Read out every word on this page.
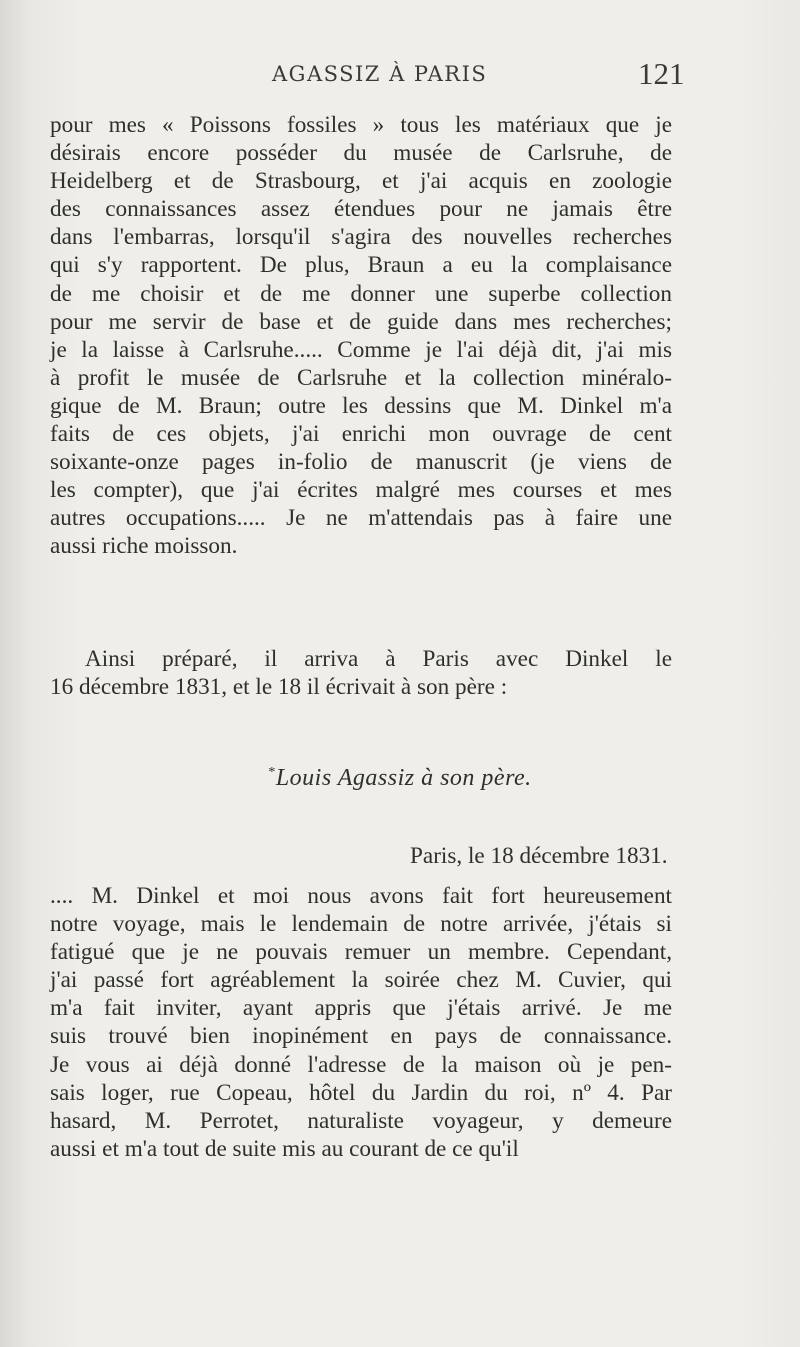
AGASSIZ À PARIS	121
pour mes « Poissons fossiles » tous les matériaux que je
désirais encore posséder du musée de Carlsruhe, de
Heidelberg et de Strasbourg, et j'ai acquis en zoologie
des connaissances assez étendues pour ne jamais être
dans l'embarras, lorsqu'il s'agira des nouvelles recherches
qui s'y rapportent. De plus, Braun a eu la complaisance
de me choisir et de me donner une superbe collection
pour me servir de base et de guide dans mes recherches;
je la laisse à Carlsruhe..... Comme je l'ai déjà dit, j'ai mis
à profit le musée de Carlsruhe et la collection minéralo-
gique de M. Braun; outre les dessins que M. Dinkel m'a
faits de ces objets, j'ai enrichi mon ouvrage de cent
soixante-onze pages in-folio de manuscrit (je viens de
les compter), que j'ai écrites malgré mes courses et mes
autres occupations..... Je ne m'attendais pas à faire une
aussi riche moisson.
Ainsi préparé, il arriva à Paris avec Dinkel le
16 décembre 1831, et le 18 il écrivait à son père :
*Louis Agassiz à son père.
Paris, le 18 décembre 1831.
.... M. Dinkel et moi nous avons fait fort heureusement
notre voyage, mais le lendemain de notre arrivée, j'étais si
fatigué que je ne pouvais remuer un membre. Cependant,
j'ai passé fort agréablement la soirée chez M. Cuvier, qui
m'a fait inviter, ayant appris que j'étais arrivé. Je me
suis trouvé bien inopinément en pays de connaissance.
Je vous ai déjà donné l'adresse de la maison où je pen-
sais loger, rue Copeau, hôtel du Jardin du roi, nº 4. Par
hasard, M. Perrotet, naturaliste voyageur, y demeure
aussi et m'a tout de suite mis au courant de ce qu'il
